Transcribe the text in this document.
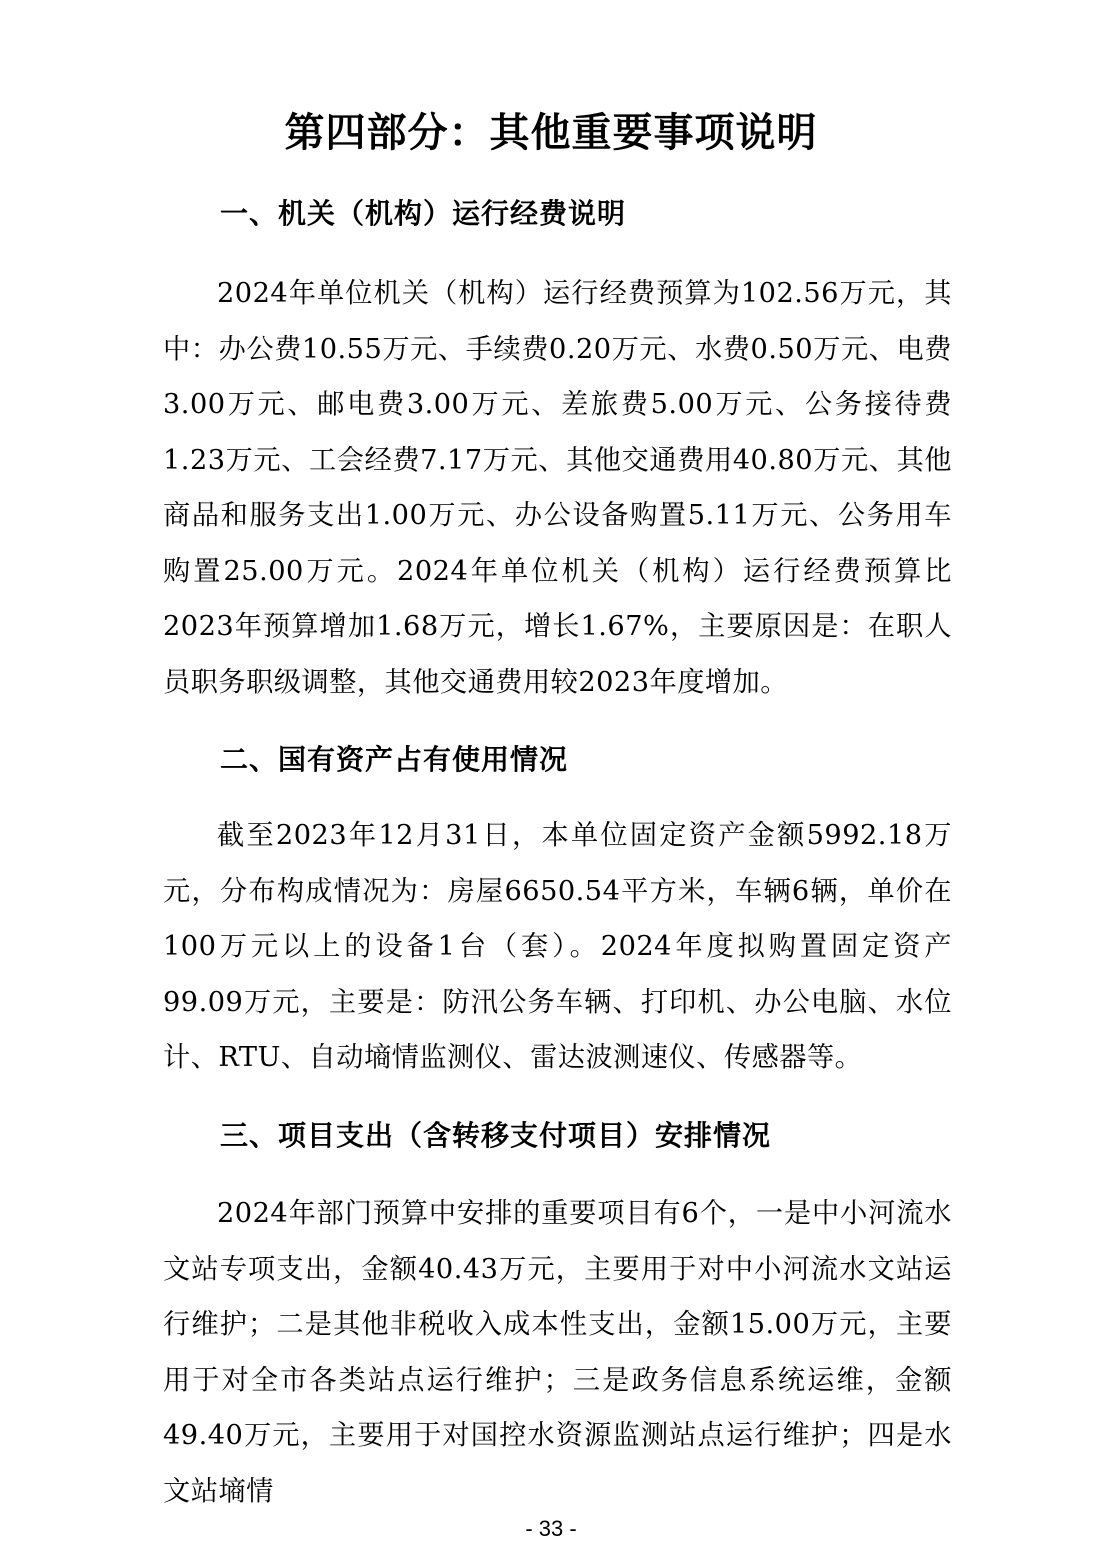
第四部分：其他重要事项说明
一、机关（机构）运行经费说明
2024年单位机关（机构）运行经费预算为102.56万元，其中：办公费10.55万元、手续费0.20万元、水费0.50万元、电费3.00万元、邮电费3.00万元、差旅费5.00万元、公务接待费1.23万元、工会经费7.17万元、其他交通费用40.80万元、其他商品和服务支出1.00万元、办公设备购置5.11万元、公务用车购置25.00万元。2024年单位机关（机构）运行经费预算比2023年预算增加1.68万元，增长1.67%，主要原因是：在职人员职务职级调整，其他交通费用较2023年度增加。
二、国有资产占有使用情况
截至2023年12月31日，本单位固定资产金额5992.18万元，分布构成情况为：房屋6650.54平方米，车辆6辆，单价在100万元以上的设备1台（套）。2024年度拟购置固定资产99.09万元，主要是：防汛公务车辆、打印机、办公电脑、水位计、RTU、自动墒情监测仪、雷达波测速仪、传感器等。
三、项目支出（含转移支付项目）安排情况
2024年部门预算中安排的重要项目有6个，一是中小河流水文站专项支出，金额40.43万元，主要用于对中小河流水文站运行维护；二是其他非税收入成本性支出，金额15.00万元，主要用于对全市各类站点运行维护；三是政务信息系统运维，金额49.40万元，主要用于对国控水资源监测站点运行维护；四是水文站墒情
- 33 -
